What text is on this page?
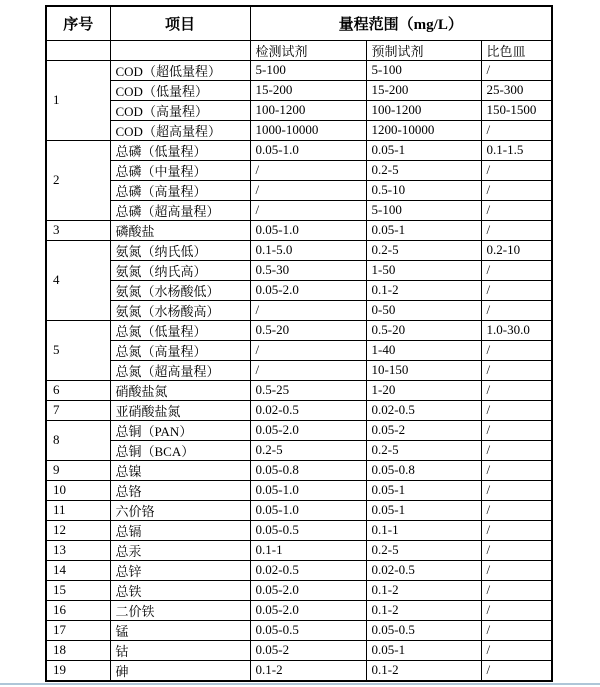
序号	项目	量程范围（mg/L）		
		检测试剂	预制试剂	比色皿
1	COD（超低量程）	5-100	5-100	/
	COD（低量程）	15-200	15-200	25-300
	COD（高量程）	100-1200	100-1200	150-1500
	COD（超高量程）	1000-10000	1200-10000	/
2	总磷（低量程）	0.05-1.0	0.05-1	0.1-1.5
	总磷（中量程）	/	0.2-5	/
	总磷（高量程）	/	0.5-10	/
	总磷（超高量程）	/	5-100	/
3	磷酸盐	0.05-1.0	0.05-1	/
4	氨氮（纳氏低）	0.1-5.0	0.2-5	0.2-10
	氨氮（纳氏高）	0.5-30	1-50	/
	氨氮（水杨酸低）	0.05-2.0	0.1-2	/
	氨氮（水杨酸高）	/	0-50	/
5	总氮（低量程）	0.5-20	0.5-20	1.0-30.0
	总氮（高量程）	/	1-40	/
	总氮（超高量程）	/	10-150	/
6	硝酸盐氮	0.5-25	1-20	/
7	亚硝酸盐氮	0.02-0.5	0.02-0.5	/
8	总铜（PAN）	0.05-2.0	0.05-2	/
	总铜（BCA）	0.2-5	0.2-5	/
9	总镍	0.05-0.8	0.05-0.8	/
10	总铬	0.05-1.0	0.05-1	/
11	六价铬	0.05-1.0	0.05-1	/
12	总镉	0.05-0.5	0.1-1	/
13	总汞	0.1-1	0.2-5	/
14	总锌	0.02-0.5	0.02-0.5	/
15	总铁	0.05-2.0	0.1-2	/
16	二价铁	0.05-2.0	0.1-2	/
17	锰	0.05-0.5	0.05-0.5	/
18	钴	0.05-2	0.05-1	/
19	砷	0.1-2	0.1-2	/
